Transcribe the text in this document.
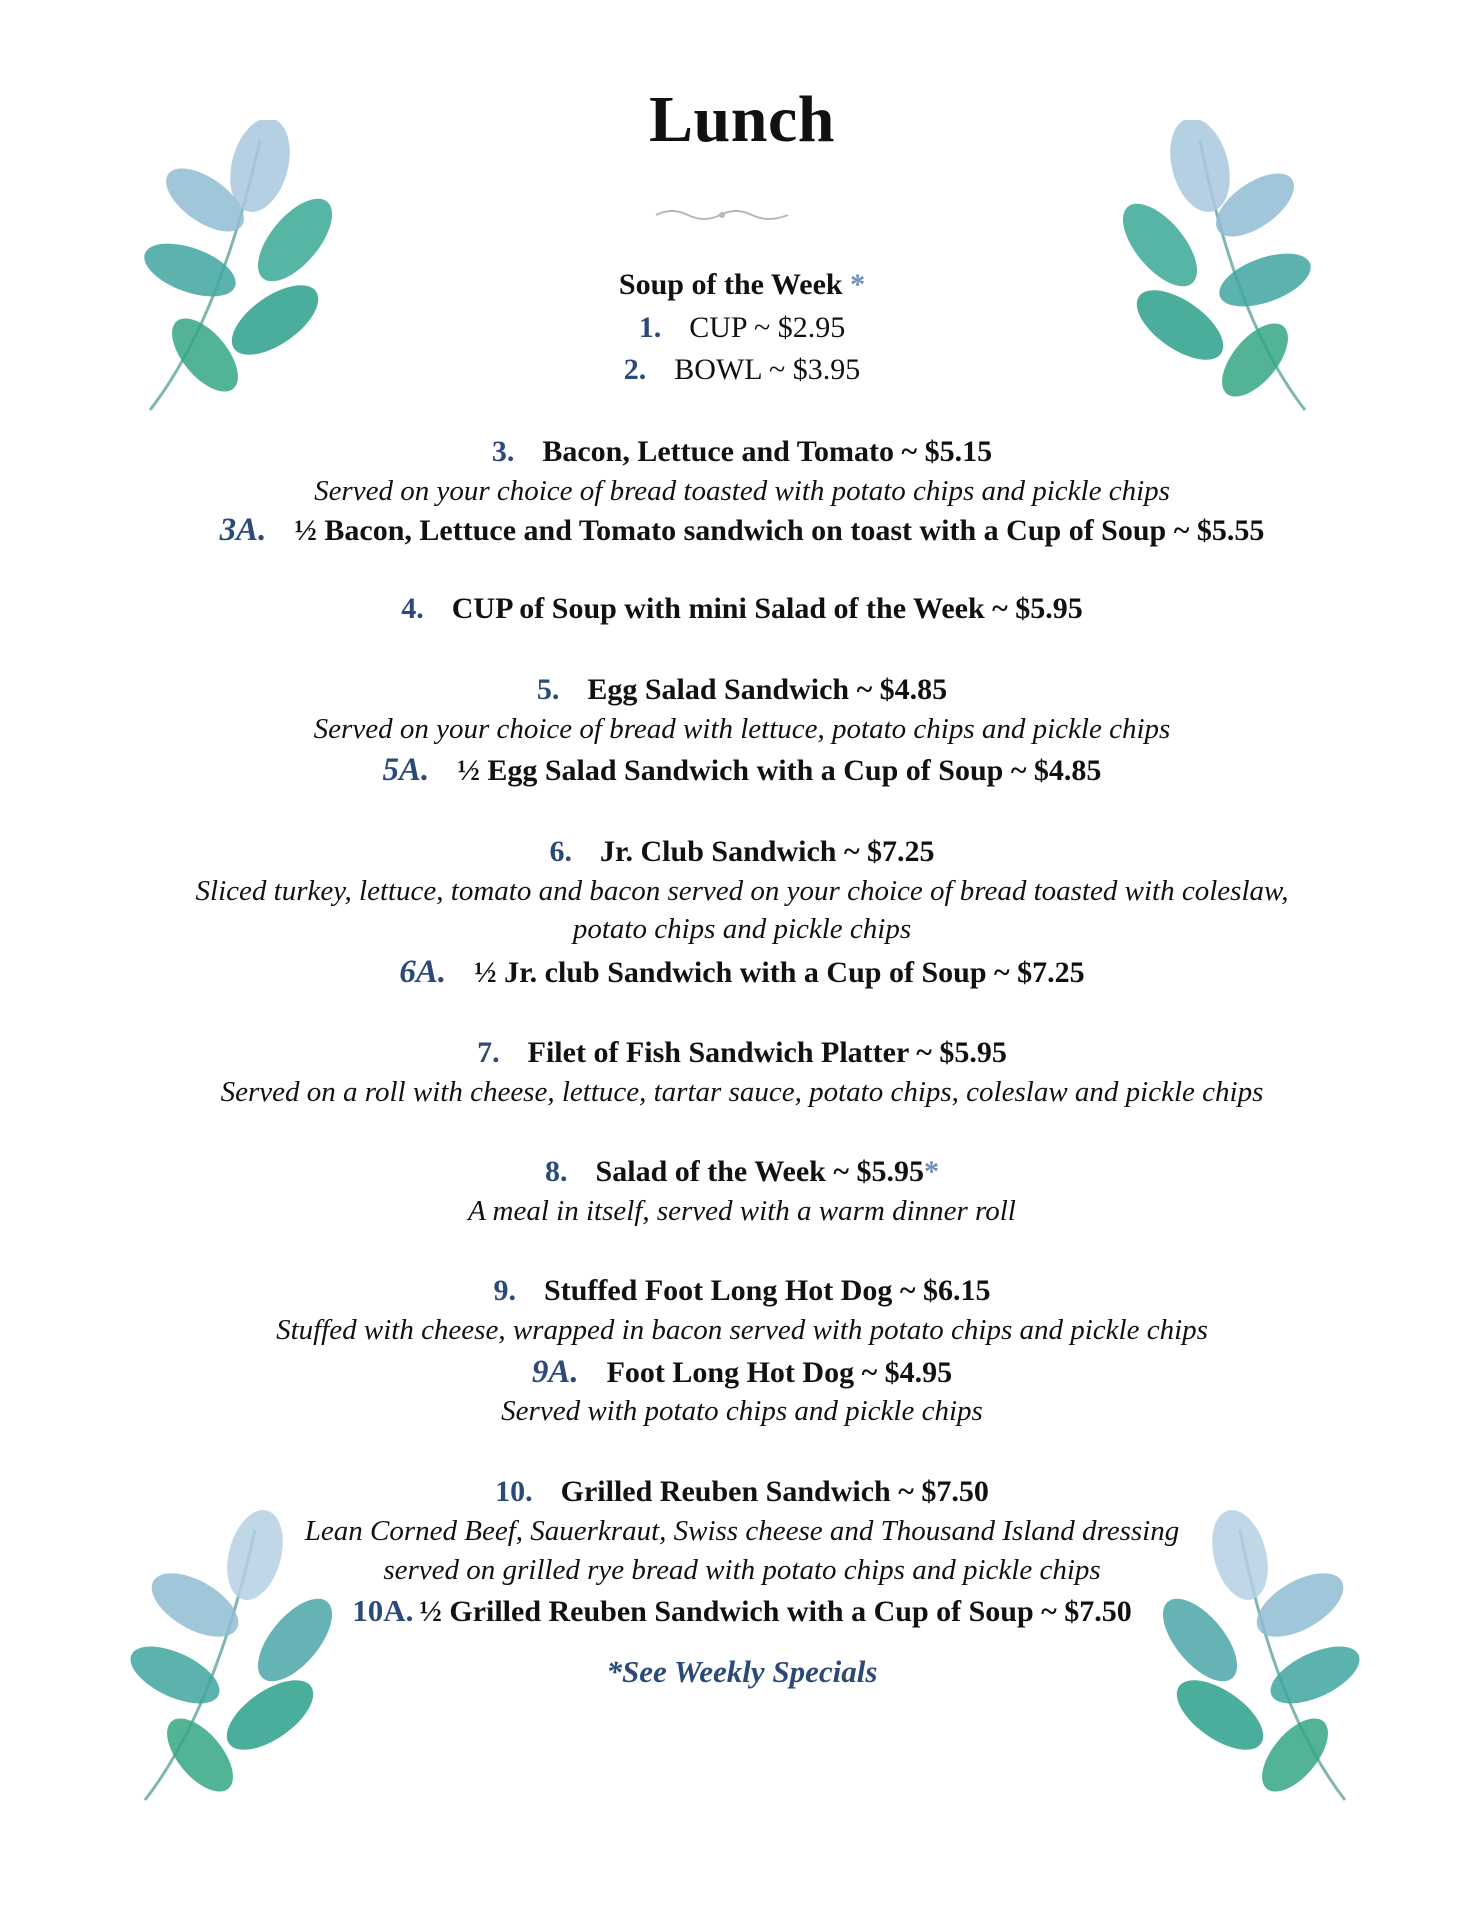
Lunch
Soup of the Week *
1. CUP ~ $2.95
2. BOWL ~ $3.95
3. Bacon, Lettuce and Tomato ~ $5.15
Served on your choice of bread toasted with potato chips and pickle chips
3A. ½ Bacon, Lettuce and Tomato sandwich on toast with a Cup of Soup ~ $5.55
4. CUP of Soup with mini Salad of the Week ~ $5.95
5. Egg Salad Sandwich ~ $4.85
Served on your choice of bread with lettuce, potato chips and pickle chips
5A. ½ Egg Salad Sandwich with a Cup of Soup ~ $4.85
6. Jr. Club Sandwich ~ $7.25
Sliced turkey, lettuce, tomato and bacon served on your choice of bread toasted with coleslaw,
potato chips and pickle chips
6A. ½ Jr. club Sandwich with a Cup of Soup ~ $7.25
7. Filet of Fish Sandwich Platter ~ $5.95
Served on a roll with cheese, lettuce, tartar sauce, potato chips, coleslaw and pickle chips
8. Salad of the Week ~ $5.95*
A meal in itself, served with a warm dinner roll
9. Stuffed Foot Long Hot Dog ~ $6.15
Stuffed with cheese, wrapped in bacon served with potato chips and pickle chips
9A. Foot Long Hot Dog ~ $4.95
Served with potato chips and pickle chips
10. Grilled Reuben Sandwich ~ $7.50
Lean Corned Beef, Sauerkraut, Swiss cheese and Thousand Island dressing
served on grilled rye bread with potato chips and pickle chips
10A. ½ Grilled Reuben Sandwich with a Cup of Soup ~ $7.50
*See Weekly Specials
